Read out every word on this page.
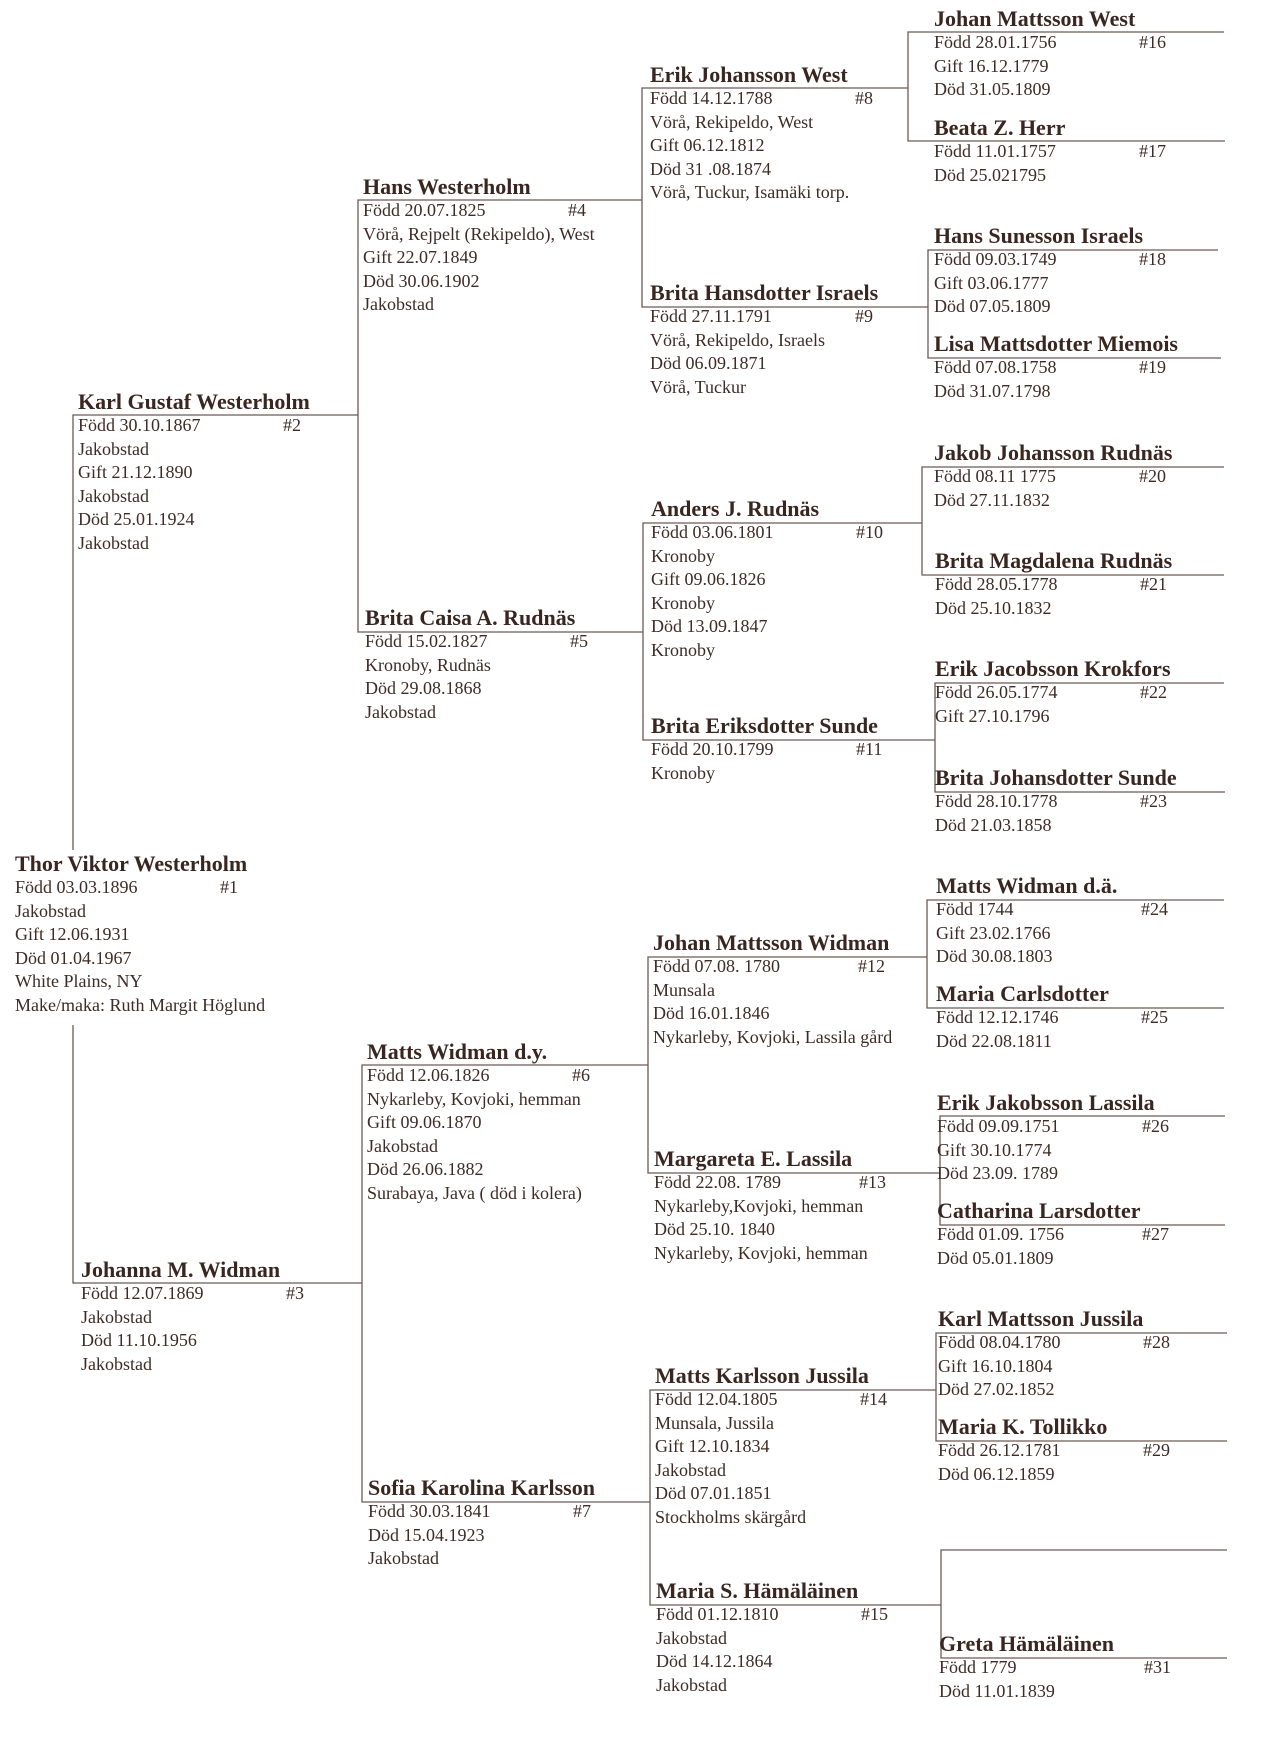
Thor Viktor Westerholm
Född 03.03.1896	#1
Jakobstad
Gift 12.06.1931
Död 01.04.1967
White Plains, NY
Make/maka: Ruth Margit Höglund
Karl Gustaf Westerholm
Född 30.10.1867	#2
Jakobstad
Gift 21.12.1890
Jakobstad
Död 25.01.1924
Jakobstad
Johanna M. Widman
Född 12.07.1869	#3
Jakobstad
Död 11.10.1956
Jakobstad
Hans Westerholm
Född 20.07.1825	#4
Vörå, Rejpelt (Rekipeldo), West
Gift 22.07.1849
Död 30.06.1902
Jakobstad
Brita Caisa A. Rudnäs
Född 15.02.1827	#5
Kronoby, Rudnäs
Död 29.08.1868
Jakobstad
Matts Widman d.y.
Född 12.06.1826	#6
Nykarleby, Kovjoki, hemman
Gift 09.06.1870
Jakobstad
Död 26.06.1882
Surabaya, Java ( död i kolera)
Sofia Karolina Karlsson
Född 30.03.1841	#7
Död 15.04.1923
Jakobstad
Erik Johansson West
Född 14.12.1788	#8
Vörå, Rekipeldo, West
Gift 06.12.1812
Död 31 .08.1874
Vörå, Tuckur, Isamäki torp.
Brita Hansdotter Israels
Född 27.11.1791	#9
Vörå, Rekipeldo, Israels
Död 06.09.1871
Vörå, Tuckur
Anders J. Rudnäs
Född 03.06.1801	#10
Kronoby
Gift 09.06.1826
Kronoby
Död 13.09.1847
Kronoby
Brita Eriksdotter Sunde
Född 20.10.1799	#11
Kronoby
Johan Mattsson Widman
Född 07.08. 1780	#12
Munsala
Död 16.01.1846
Nykarleby, Kovjoki, Lassila gård
Margareta E. Lassila
Född 22.08. 1789	#13
Nykarleby,Kovjoki, hemman
Död 25.10. 1840
Nykarleby, Kovjoki, hemman
Matts Karlsson Jussila
Född 12.04.1805	#14
Munsala, Jussila
Gift 12.10.1834
Jakobstad
Död 07.01.1851
Stockholms skärgård
Maria S. Hämäläinen
Född 01.12.1810	#15
Jakobstad
Död 14.12.1864
Jakobstad
Johan Mattsson West
Född 28.01.1756	#16
Gift 16.12.1779
Död 31.05.1809
Beata Z. Herr
Född 11.01.1757	#17
Död 25.021795
Hans Sunesson Israels
Född 09.03.1749	#18
Gift 03.06.1777
Död 07.05.1809
Lisa Mattsdotter Miemois
Född 07.08.1758	#19
Död 31.07.1798
Jakob Johansson Rudnäs
Född 08.11 1775	#20
Död 27.11.1832
Brita Magdalena Rudnäs
Född 28.05.1778	#21
Död 25.10.1832
Erik Jacobsson Krokfors
Född 26.05.1774	#22
Gift 27.10.1796
Brita Johansdotter Sunde
Född 28.10.1778	#23
Död 21.03.1858
Matts Widman d.ä.
Född 1744	#24
Gift 23.02.1766
Död 30.08.1803
Maria Carlsdotter
Född 12.12.1746	#25
Död 22.08.1811
Erik Jakobsson Lassila
Född 09.09.1751	#26
Gift 30.10.1774
Död 23.09. 1789
Catharina Larsdotter
Född 01.09. 1756	#27
Död 05.01.1809
Karl Mattsson Jussila
Född 08.04.1780	#28
Gift 16.10.1804
Död 27.02.1852
Maria K. Tollikko
Född 26.12.1781	#29
Död 06.12.1859
Greta Hämäläinen
Född 1779	#31
Död 11.01.1839
